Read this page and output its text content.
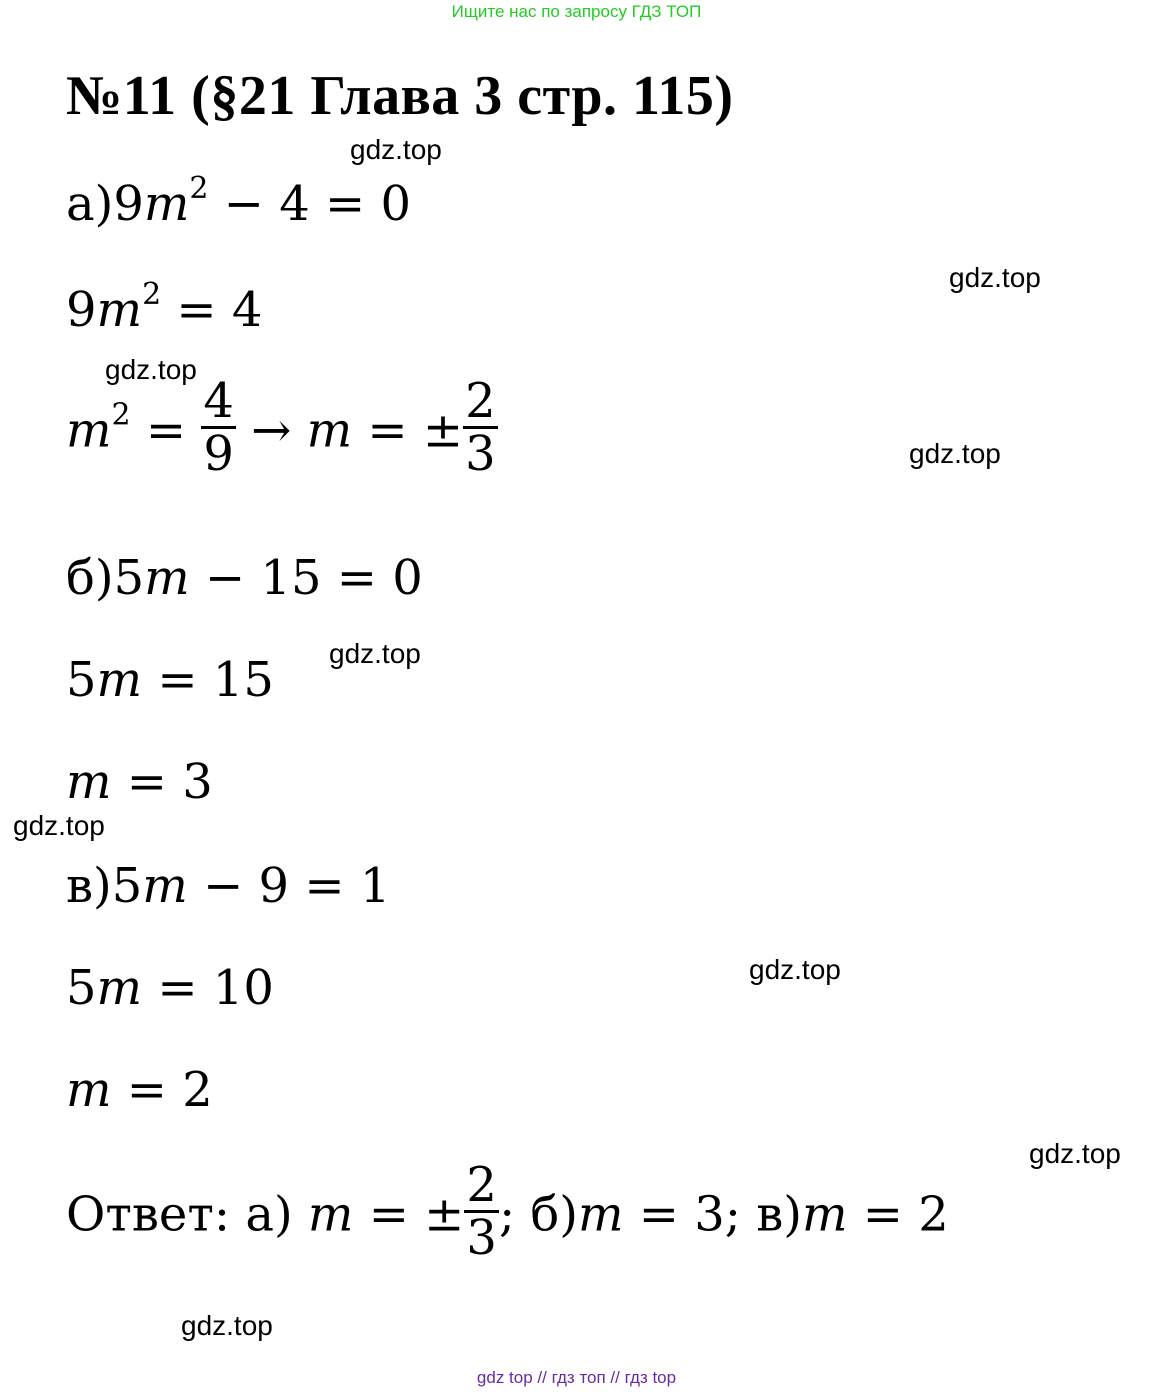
Ищите нас по запросу ГДЗ ТОП
№11 (§21 Глава 3 стр. 115)
gdz.top
gdz.top
gdz.top
gdz.top
gdz.top
gdz.top
gdz.top
gdz.top
gdz.top
$а)9m^2 - 4 = 0$
$9m^2 = 4$
$m^2 = \frac{4}{9} \to m$ = ± $\frac{2}{3}$
б)5m − 15 = 0
5m = 15
m = 3
в)5m − 9 = 1
5m = 10
m = 2
Ответ: а) m = ± $\frac{2}{3}$ ; б)m = 3; в)m = 2
gdz top // гдз топ // гдз top
